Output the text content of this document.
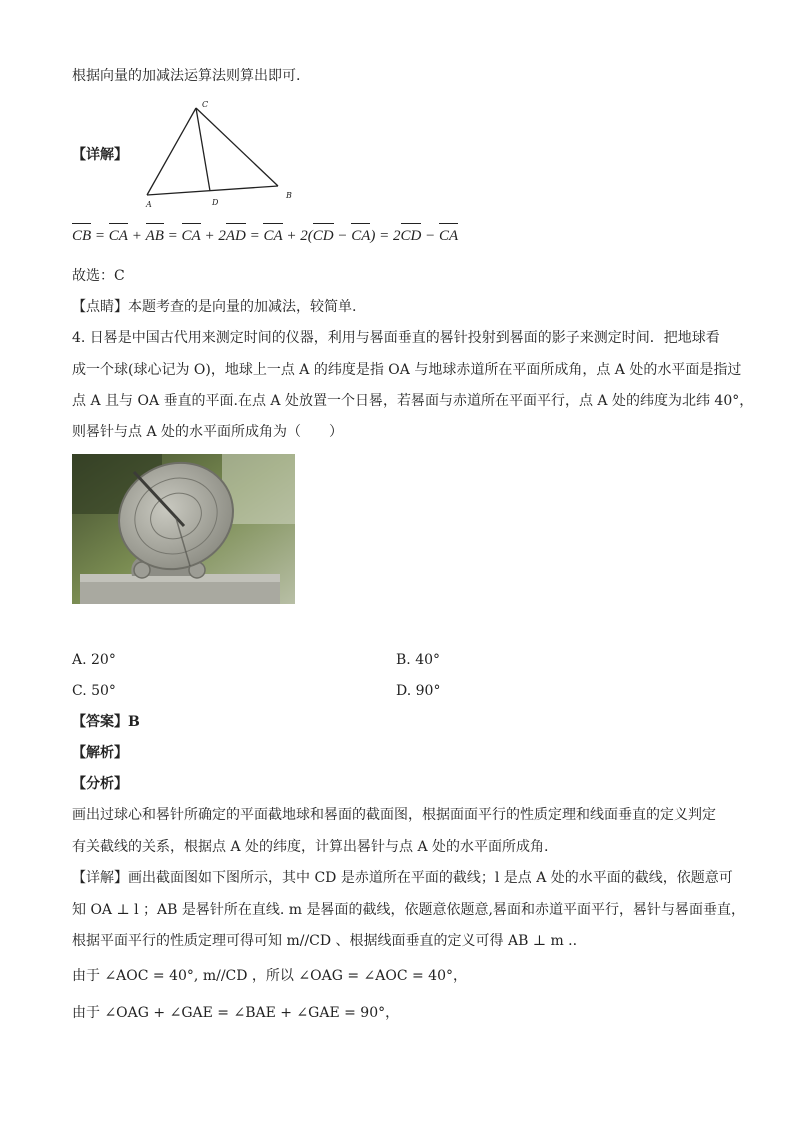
根据向量的加减法运算法则算出即可.
【详解】
C
A	D
B
CB = CA + AB = CA + 2AD = CA + 2(CD − CA) = 2CD − CA
故选：C
【点睛】本题考查的是向量的加减法，较简单.
4. 日晷是中国古代用来测定时间的仪器，利用与晷面垂直的晷针投射到晷面的影子来测定时间．把地球看
成一个球(球心记为 O)，地球上一点 A 的纬度是指 OA 与地球赤道所在平面所成角，点 A 处的水平面是指过
点 A 且与 OA 垂直的平面.在点 A 处放置一个日晷，若晷面与赤道所在平面平行，点 A 处的纬度为北纬 40°，
则晷针与点 A 处的水平面所成角为（　　）
A. 20°	B. 40°
C. 50°	D. 90°
【答案】B
【解析】
【分析】
画出过球心和晷针所确定的平面截地球和晷面的截面图，根据面面平行的性质定理和线面垂直的定义判定
有关截线的关系，根据点 A 处的纬度，计算出晷针与点 A 处的水平面所成角.
【详解】画出截面图如下图所示，其中 CD 是赤道所在平面的截线；l 是点 A 处的水平面的截线，依题意可
知 OA ⊥ l ；AB 是晷针所在直线. m 是晷面的截线，依题意依题意,晷面和赤道平面平行，晷针与晷面垂直，
根据平面平行的性质定理可得可知 m//CD 、根据线面垂直的定义可得 AB ⊥ m ..
由于 ∠AOC = 40°, m//CD ，所以 ∠OAG = ∠AOC = 40°，
由于 ∠OAG + ∠GAE = ∠BAE + ∠GAE = 90°，
